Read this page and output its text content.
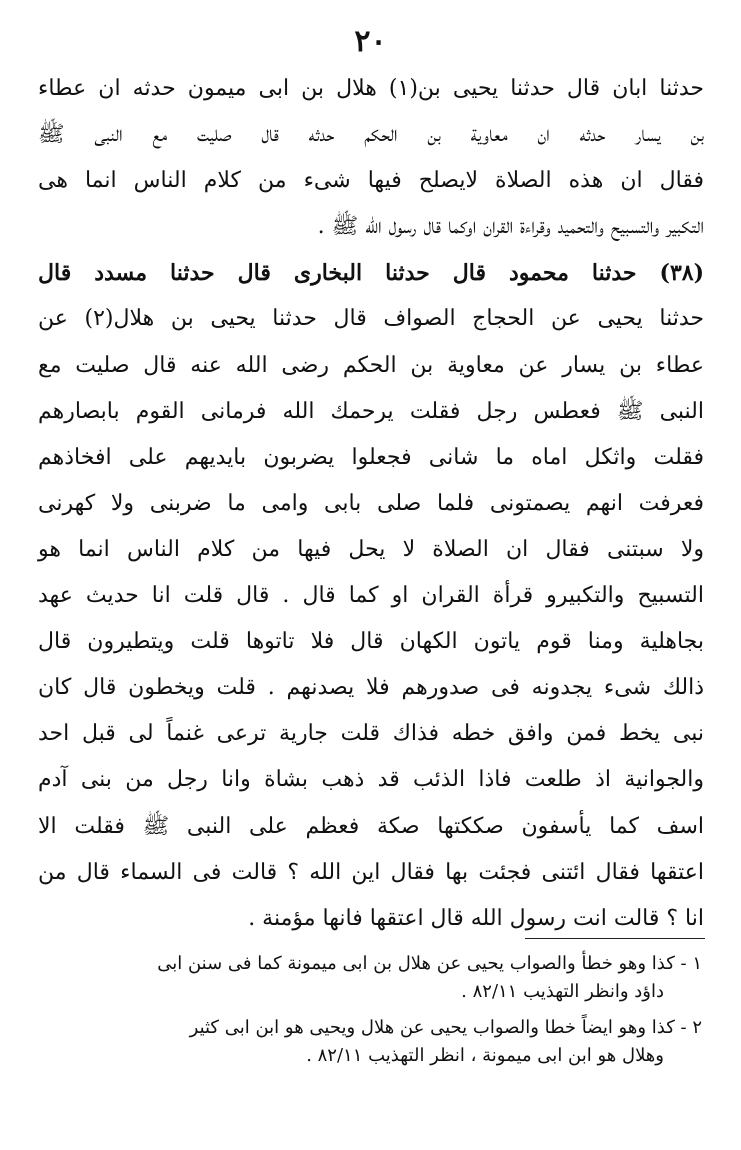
٢٠
حدثنا ابان قال حدثنا يحيى بن(١) هلال بن ابى ميمون حدثه ان عطاء
بن يسار حدثه ان معاوية بن الحكم حدثه قال صليت مع النبى ﷺ
فقال ان هذه الصلاة لايصلح فيها شىء من كلام الناس انما هى
التكبير والتسبيح والتحميد وقراءة القران اوكما قال رسول الله ﷺ .
(٣٨) حدثنا محمود قال حدثنا البخارى قال حدثنا مسدد قال
حدثنا يحيى عن الحجاج الصواف قال حدثنا يحيى بن هلال(٢) عن
عطاء بن يسار عن معاوية بن الحكم رضى الله عنه قال صليت مع
النبى ﷺ فعطس رجل فقلت يرحمك الله فرمانى القوم بابصارهم
فقلت واثكل اماه ما شانى فجعلوا يضربون بايديهم على افخاذهم
فعرفت انهم يصمتونى فلما صلى بابى وامى ما ضربنى ولا كهرنى
ولا سبتنى فقال ان الصلاة لا يحل فيها من كلام الناس انما هو
التسبيح والتكبيرو قرأة القران او كما قال . قال قلت انا حديث عهد
بجاهلية ومنا قوم ياتون الكهان قال فلا تاتوها قلت ويتطيرون قال
ذالك شىء يجدونه فى صدورهم فلا يصدنهم . قلت ويخطون قال كان
نبى يخط فمن وافق خطه فذاك قلت جارية ترعى غنماً لى قبل احد
والجوانية اذ طلعت فاذا الذئب قد ذهب بشاة وانا رجل من بنى آدم
اسف كما يأسفون صككتها صكة فعظم على النبى ﷺ فقلت الا
اعتقها فقال ائتنى فجئت بها فقال اين الله ؟ قالت فى السماء قال من
انا ؟ قالت انت رسول الله قال اعتقها فانها مؤمنة .
١ - كذا وهو خطأ والصواب يحيى عن هلال بن ابى ميمونة كما فى سنن ابى
داؤد وانظر التهذيب ٨٢/١١ .
٢ - كذا وهو ايضاً خطا والصواب يحيى عن هلال ويحيى هو ابن ابى كثير
وهلال هو ابن ابى ميمونة ، انظر التهذيب ٨٢/١١ .
